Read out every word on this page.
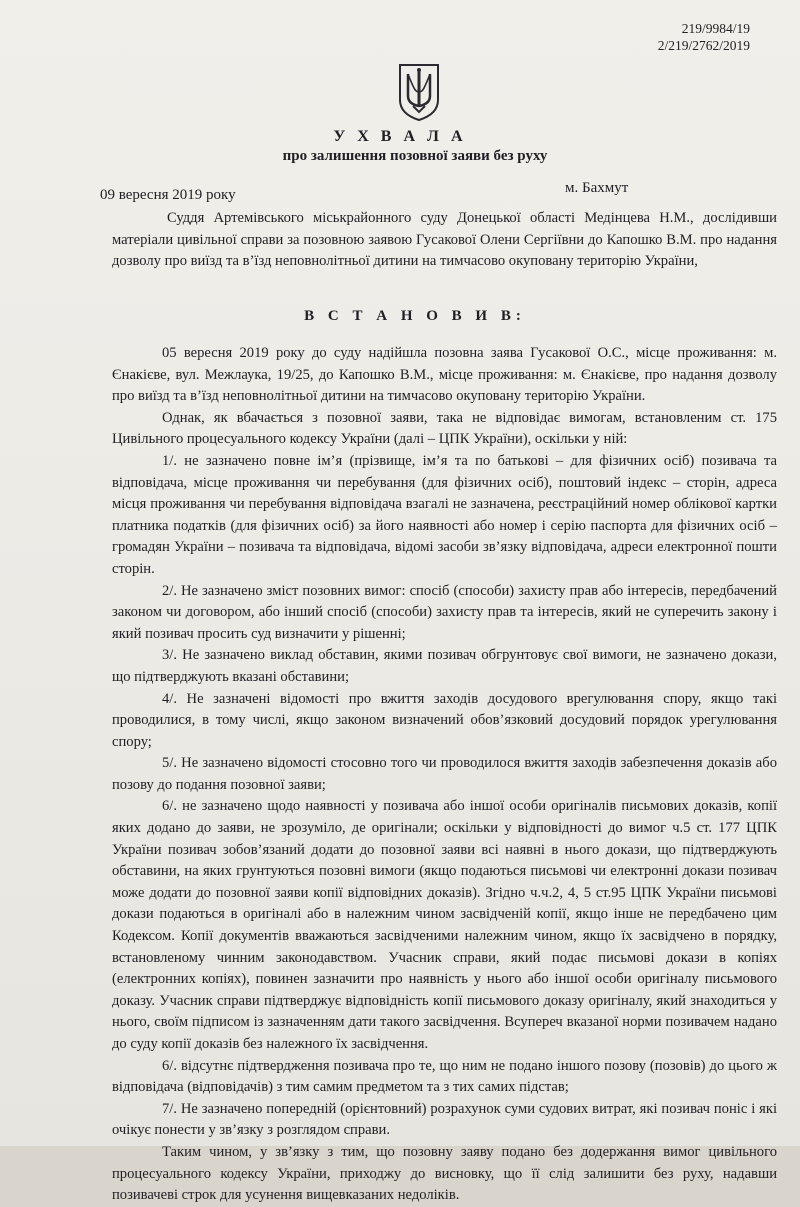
219/9984/19
2/219/2762/2019
У Х В А Л А
про залишення позовної заяви без руху
09 вересня 2019 року	м. Бахмут

Суддя Артемівського міськрайонного суду Донецької області Медінцева Н.М., дослідивши матеріали цивільної справи за позовною заявою Гусакової Олени Сергіївни до Капошко В.М. про надання дозволу про виїзд та в’їзд неповнолітньої дитини на тимчасово окуповану територію України,

В С Т А Н О В И В:

05 вересня 2019 року до суду надійшла позовна заява Гусакової О.С., місце проживання: м. Єнакієве, вул. Межлаука, 19/25, до Капошко В.М., місце проживання: м. Єнакієве, про надання дозволу про виїзд та в’їзд неповнолітньої дитини на тимчасово окуповану територію України.

Однак, як вбачається з позовної заяви, така не відповідає вимогам, встановленим ст. 175 Цивільного процесуального кодексу України (далі – ЦПК України), оскільки у ній:

1/. не зазначено повне ім’я (прізвище, ім’я та по батькові – для фізичних осіб) позивача та відповідача, місце проживання чи перебування (для фізичних осіб), поштовий індекс – сторін, адреса місця проживання чи перебування відповідача взагалі не зазначена, реєстраційний номер облікової картки платника податків (для фізичних осіб) за його наявності або номер і серію паспорта для фізичних осіб – громадян України – позивача та відповідача, відомі засоби зв’язку відповідача, адреси електронної пошти сторін.

2/. Не зазначено зміст позовних вимог: спосіб (способи) захисту прав або інтересів, передбачений законом чи договором, або інший спосіб (способи) захисту прав та інтересів, який не суперечить закону і який позивач просить суд визначити у рішенні;

3/. Не зазначено виклад обставин, якими позивач обгрунтовує свої вимоги, не зазначено докази, що підтверджують вказані обставини;

4/. Не зазначені відомості про вжиття заходів досудового врегулювання спору, якщо такі проводилися, в тому числі, якщо законом визначений обов’язковий досудовий порядок урегулювання спору;

5/. Не зазначено відомості стосовно того чи проводилося вжиття заходів забезпечення доказів або позову до подання позовної заяви;

6/. не зазначено щодо наявності у позивача або іншої особи оригіналів письмових доказів, копії яких додано до заяви, не зрозуміло, де оригінали; оскільки у відповідності до вимог ч.5 ст. 177 ЦПК України позивач зобов’язаний додати до позовної заяви всі наявні в нього докази, що підтверджують обставини, на яких грунтуються позовні вимоги (якщо подаються письмові чи електронні докази позивач може додати до позовної заяви копії відповідних доказів). Згідно ч.ч.2, 4, 5 ст.95 ЦПК України письмові докази подаються в оригіналі або в належним чином засвідченій копії, якщо інше не передбачено цим Кодексом. Копії документів вважаються засвідченими належним чином, якщо їх засвідчено в порядку, встановленому чинним законодавством. Учасник справи, який подає письмові докази в копіях (електронних копіях), повинен зазначити про наявність у нього або іншої особи оригіналу письмового доказу. Учасник справи підтверджує відповідність копії письмового доказу оригіналу, який знаходиться у нього, своїм підписом із зазначенням дати такого засвідчення. Всупереч вказаної норми позивачем надано до суду копії доказів без належного їх засвідчення.

6/. відсутнє підтвердження позивача про те, що ним не подано іншого позову (позовів) до цього ж відповідача (відповідачів) з тим самим предметом та з тих самих підстав;

7/. Не зазначено попередній (орієнтовний) розрахунок суми судових витрат, які позивач поніс і які очікує понести у зв’язку з розглядом справи.

Таким чином, у зв’язку з тим, що позовну заяву подано без додержання вимог цивільного процесуального кодексу України, приходжу до висновку, що її слід залишити без руху, надавши позивачеві строк для усунення вищевказаних недоліків.
